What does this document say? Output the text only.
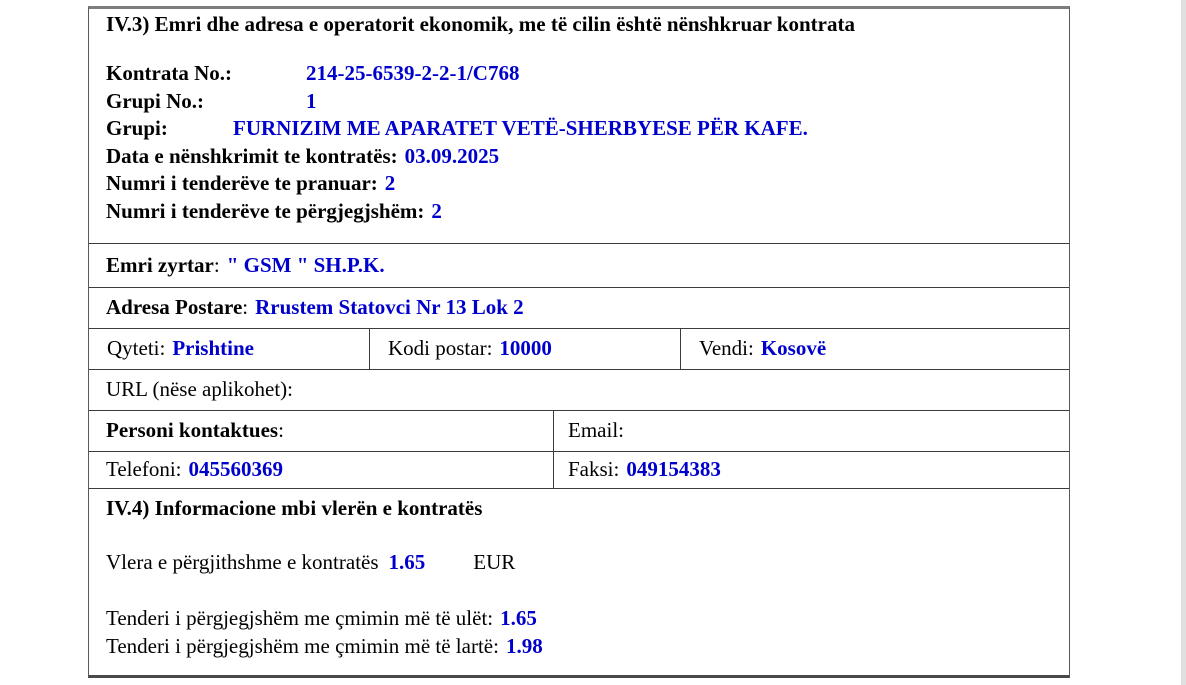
IV.3) Emri dhe adresa e operatorit ekonomik, me të cilin është nënshkruar kontrata
Kontrata No.:	214-25-6539-2-2-1/C768
Grupi No.:	1
Grupi:	FURNIZIM ME APARATET VETË-SHERBYESE PËR KAFE.
Data e nënshkrimit te kontratës: 03.09.2025
Numri i tenderëve te pranuar: 2
Numri i tenderëve te përgjegjshëm: 2
Emri zyrtar: " GSM " SH.P.K.
Adresa Postare: Rrustem Statovci Nr 13 Lok 2
Qyteti: Prishtine	Kodi postar: 10000	Vendi: Kosovë
URL (nëse aplikohet):
Personi kontaktues:	Email:
Telefoni: 045560369	Faksi: 049154383
IV.4) Informacione mbi vlerën e kontratës
Vlera e përgjithshme e kontratës 1.65 EUR
Tenderi i përgjegjshëm me çmimin më të ulët: 1.65
Tenderi i përgjegjshëm me çmimin më të lartë: 1.98
